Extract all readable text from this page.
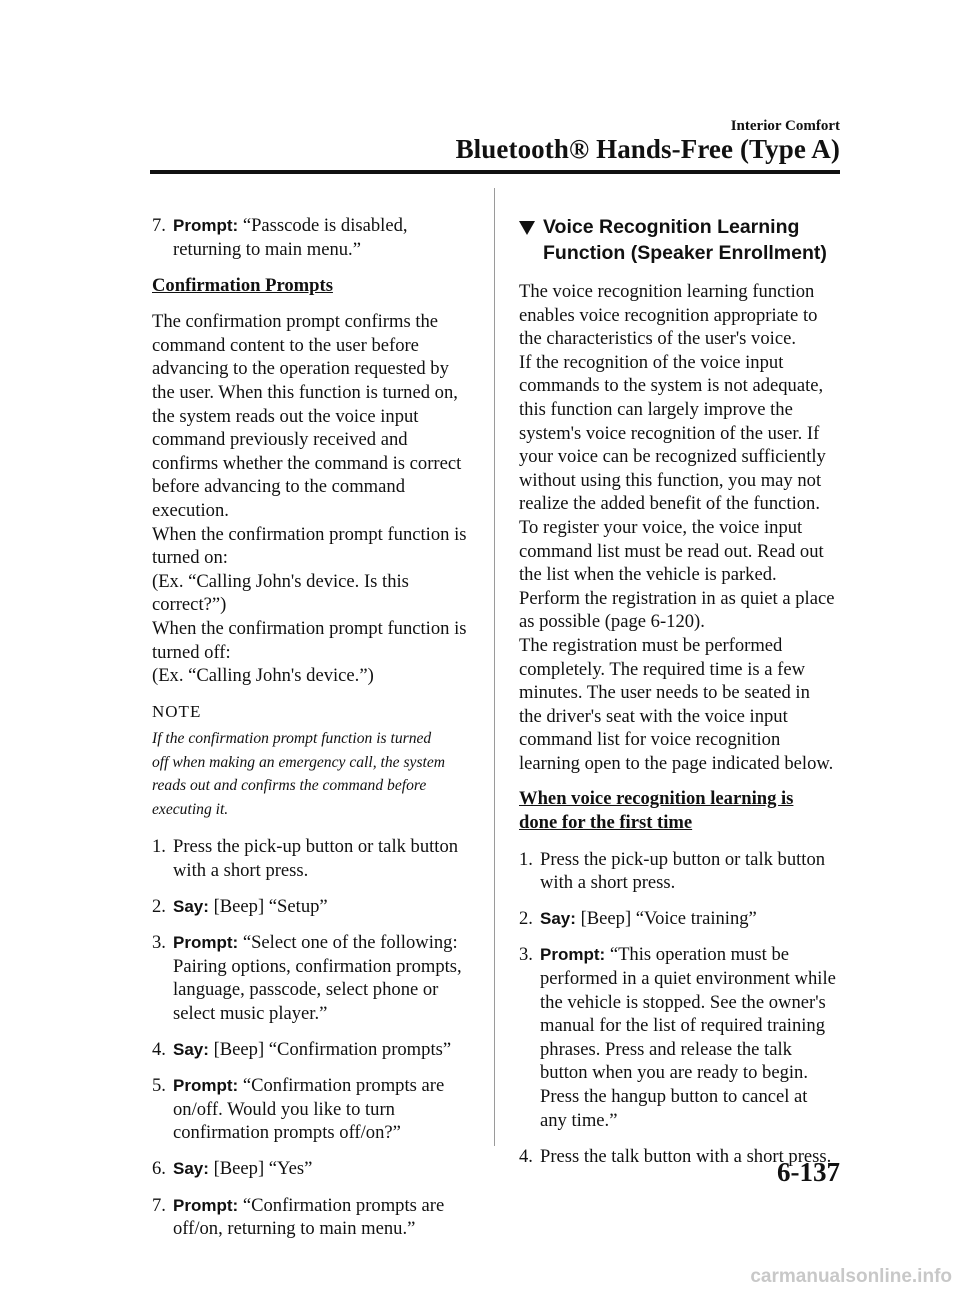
Interior Comfort
Bluetooth® Hands-Free (Type A)
7. Prompt: “Passcode is disabled,
returning to main menu.”
Confirmation Prompts
The confirmation prompt confirms the
command content to the user before
advancing to the operation requested by
the user. When this function is turned on,
the system reads out the voice input
command previously received and
confirms whether the command is correct
before advancing to the command
execution.
When the confirmation prompt function is
turned on:
(Ex. “Calling John's device. Is this
correct?”)
When the confirmation prompt function is
turned off:
(Ex. “Calling John's device.”)
NOTE
If the confirmation prompt function is turned
off when making an emergency call, the system
reads out and confirms the command before
executing it.
1. Press the pick-up button or talk button
with a short press.
2. Say: [Beep] “Setup”
3. Prompt: “Select one of the following:
Pairing options, confirmation prompts,
language, passcode, select phone or
select music player.”
4. Say: [Beep] “Confirmation prompts”
5. Prompt: “Confirmation prompts are
on/off. Would you like to turn
confirmation prompts off/on?”
6. Say: [Beep] “Yes”
7. Prompt: “Confirmation prompts are
off/on, returning to main menu.”
Voice Recognition Learning
Function (Speaker Enrollment)
The voice recognition learning function
enables voice recognition appropriate to
the characteristics of the user's voice.
If the recognition of the voice input
commands to the system is not adequate,
this function can largely improve the
system's voice recognition of the user. If
your voice can be recognized sufficiently
without using this function, you may not
realize the added benefit of the function.
To register your voice, the voice input
command list must be read out. Read out
the list when the vehicle is parked.
Perform the registration in as quiet a place
as possible (page 6-120).
The registration must be performed
completely. The required time is a few
minutes. The user needs to be seated in
the driver's seat with the voice input
command list for voice recognition
learning open to the page indicated below.
When voice recognition learning is
done for the first time
1. Press the pick-up button or talk button
with a short press.
2. Say: [Beep] “Voice training”
3. Prompt: “This operation must be
performed in a quiet environment while
the vehicle is stopped. See the owner's
manual for the list of required training
phrases. Press and release the talk
button when you are ready to begin.
Press the hangup button to cancel at
any time.”
4. Press the talk button with a short press.
6-137
carmanualsonline.info
